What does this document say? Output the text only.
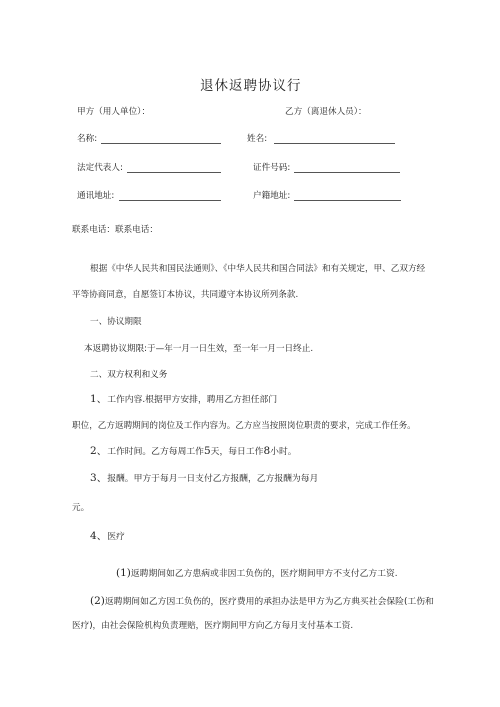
退休返聘协议行
甲方（用人单位）：	乙方（离退休人员）：
名称:	姓名:
法定代表人:	证件号码:
通讯地址:	户籍地址:
联系电话：联系电话：
根据《中华人民共和国民法通则》、《中华人民共和国合同法》和有关规定，甲、乙双方经
平等协商同意，自愿签订本协议，共同遵守本协议所列条款.
一、协议期限
本返聘协议期限:于—年一月一日生效，至一年一月一日终止.
二、双方权利和义务
1、工作内容.根据甲方安排，聘用乙方担任部门
职位，乙方返聘期间的岗位及工作内容为。乙方应当按照岗位职责的要求，完成工作任务。
2、工作时间。乙方每周工作5天，每日工作8小时。
3、报酬。甲方于每月一日支付乙方报酬，乙方报酬为每月
元。
4、医疗
(1)返聘期间如乙方患病或非因工负伤的，医疗期间甲方不支付乙方工资.
(2)返聘期间如乙方因工负伤的，医疗费用的承担办法是甲方为乙方典买社会保险(工伤和
医疗)，由社会保险机构负责理赔，医疗期间甲方向乙方每月支付基本工资.
